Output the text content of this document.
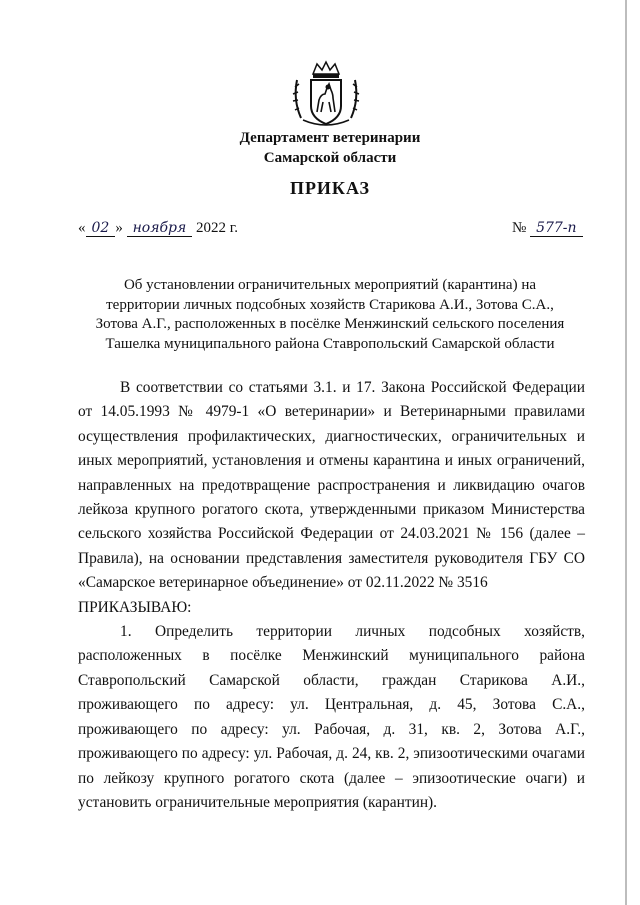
Департамент ветеринарии
Самарской области
ПРИКАЗ
« 02 » ноября 2022 г.	№ 577-п
Об установлении ограничительных мероприятий (карантина) на территории личных подсобных хозяйств Старикова А.И., Зотова С.А., Зотова А.Г., расположенных в посёлке Менжинский сельского поселения Ташелка муниципального района Ставропольский Самарской области

В соответствии со статьями 3.1. и 17. Закона Российской Федерации от 14.05.1993 № 4979-1 «О ветеринарии» и Ветеринарными правилами осуществления профилактических, диагностических, ограничительных и иных мероприятий, установления и отмены карантина и иных ограничений, направленных на предотвращение распространения и ликвидацию очагов лейкоза крупного рогатого скота, утвержденными приказом Министерства сельского хозяйства Российской Федерации от 24.03.2021 № 156 (далее – Правила), на основании представления заместителя руководителя ГБУ СО «Самарское ветеринарное объединение» от 02.11.2022 № 3516

ПРИКАЗЫВАЮ:

1. Определить территории личных подсобных хозяйств, расположенных в посёлке Менжинский муниципального района Ставропольский Самарской области, граждан Старикова А.И., проживающего по адресу: ул. Центральная, д. 45, Зотова С.А., проживающего по адресу: ул. Рабочая, д. 31, кв. 2, Зотова А.Г., проживающего по адресу: ул. Рабочая, д. 24, кв. 2, эпизоотическими очагами по лейкозу крупного рогатого скота (далее – эпизоотические очаги) и установить ограничительные мероприятия (карантин).
